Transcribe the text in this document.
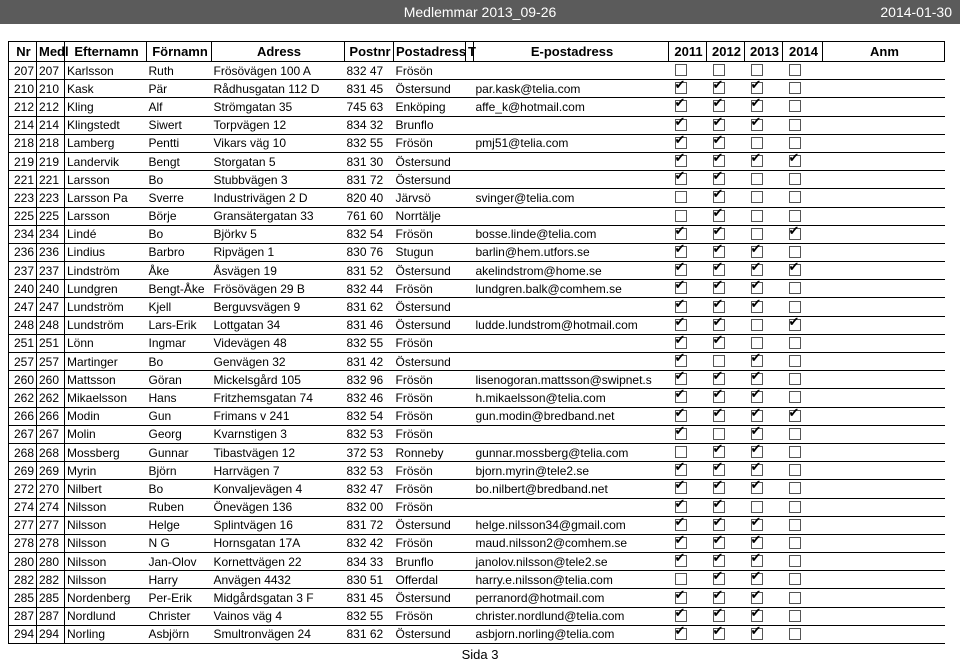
Medlemmar 2013_09-26	2014-01-30
Nr	Medl	Efternamn	Förnamn	Adress	Postnr	Postadress	T	E-postadress	2011	2012	2013	2014	Anm
207	207	Karlsson	Ruth	Frösövägen 100 A	832 47	Frösön							
210	210	Kask	Pär	Rådhusgatan 112 D	831 45	Östersund		par.kask@telia.com	✔	✔	✔		
212	212	Kling	Alf	Strömgatan 35	745 63	Enköping		affe_k@hotmail.com	✔	✔	✔		
214	214	Klingstedt	Siwert	Torpvägen 12	834 32	Brunflo			✔	✔	✔		
218	218	Lamberg	Pentti	Vikars väg 10	832 55	Frösön		pmj51@telia.com	✔	✔			
219	219	Landervik	Bengt	Storgatan 5	831 30	Östersund			✔	✔	✔	✔	
221	221	Larsson	Bo	Stubbvägen 3	831 72	Östersund			✔	✔			
223	223	Larsson Pa	Sverre	Industrivägen 2 D	820 40	Järvsö		svinger@telia.com		✔			
225	225	Larsson	Börje	Gransätergatan 33	761 60	Norrtälje				✔			
234	234	Lindé	Bo	Björkv 5	832 54	Frösön		bosse.linde@telia.com	✔	✔		✔	
236	236	Lindius	Barbro	Ripvägen 1	830 76	Stugun		barlin@hem.utfors.se	✔	✔	✔		
237	237	Lindström	Åke	Åsvägen 19	831 52	Östersund		akelindstrom@home.se	✔	✔	✔	✔	
240	240	Lundgren	Bengt-Åke	Frösövägen 29 B	832 44	Frösön		lundgren.balk@comhem.se	✔	✔	✔		
247	247	Lundström	Kjell	Berguvsvägen 9	831 62	Östersund			✔	✔	✔		
248	248	Lundström	Lars-Erik	Lottgatan 34	831 46	Östersund		ludde.lundstrom@hotmail.com	✔	✔		✔	
251	251	Lönn	Ingmar	Videvägen 48	832 55	Frösön			✔	✔			
257	257	Martinger	Bo	Genvägen 32	831 42	Östersund			✔		✔		
260	260	Mattsson	Göran	Mickelsgård 105	832 96	Frösön		lisenogoran.mattsson@swipnet.s	✔	✔	✔		
262	262	Mikaelsson	Hans	Fritzhemsgatan 74	832 46	Frösön		h.mikaelsson@telia.com	✔	✔	✔		
266	266	Modin	Gun	Frimans v 241	832 54	Frösön		gun.modin@bredband.net	✔	✔	✔	✔	
267	267	Molin	Georg	Kvarnstigen 3	832 53	Frösön			✔		✔		
268	268	Mossberg	Gunnar	Tibastvägen 12	372 53	Ronneby		gunnar.mossberg@telia.com		✔	✔		
269	269	Myrin	Björn	Harrvägen 7	832 53	Frösön		bjorn.myrin@tele2.se	✔	✔	✔		
272	270	Nilbert	Bo	Konvaljevägen 4	832 47	Frösön		bo.nilbert@bredband.net	✔	✔	✔		
274	274	Nilsson	Ruben	Önevägen 136	832 00	Frösön			✔	✔			
277	277	Nilsson	Helge	Splintvägen 16	831 72	Östersund		helge.nilsson34@gmail.com	✔	✔	✔		
278	278	Nilsson	N G	Hornsgatan 17A	832 42	Frösön		maud.nilsson2@comhem.se	✔	✔	✔		
280	280	Nilsson	Jan-Olov	Kornettvägen 22	834 33	Brunflo		janolov.nilsson@tele2.se	✔	✔	✔		
282	282	Nilsson	Harry	Anvägen 4432	830 51	Offerdal		harry.e.nilsson@telia.com		✔	✔		
285	285	Nordenberg	Per-Erik	Midgårdsgatan 3 F	831 45	Östersund		perranord@hotmail.com	✔	✔	✔		
287	287	Nordlund	Christer	Vainos väg 4	832 55	Frösön		christer.nordlund@telia.com	✔	✔	✔		
294	294	Norling	Asbjörn	Smultronvägen 24	831 62	Östersund		asbjorn.norling@telia.com	✔	✔	✔		
Sida 3
